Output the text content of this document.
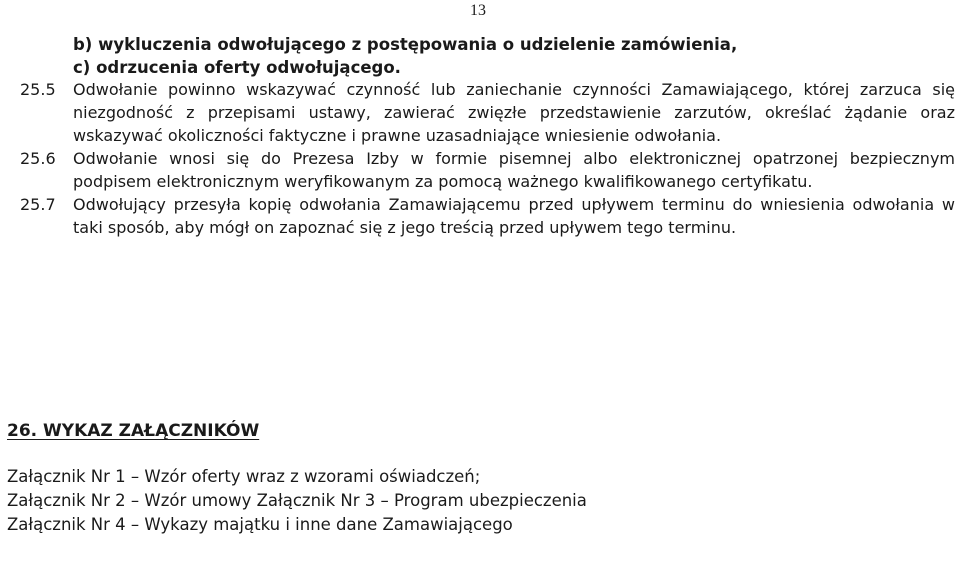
13
b) wykluczenia odwołującego z postępowania o udzielenie zamówienia,
c) odrzucenia oferty odwołującego.
25.5 Odwołanie powinno wskazywać czynność lub zaniechanie czynności Zamawiającego, której zarzuca się
niezgodność z przepisami ustawy, zawierać zwięzłe przedstawienie zarzutów, określać żądanie oraz
wskazywać okoliczności faktyczne i prawne uzasadniające wniesienie odwołania.
25.6 Odwołanie wnosi się do Prezesa Izby w formie pisemnej albo elektronicznej opatrzonej bezpiecznym
podpisem elektronicznym weryfikowanym za pomocą ważnego kwalifikowanego certyfikatu.
25.7 Odwołujący przesyła kopię odwołania Zamawiającemu przed upływem terminu do wniesienia odwołania w
taki sposób, aby mógł on zapoznać się z jego treścią przed upływem tego terminu.
26. WYKAZ ZAŁĄCZNIKÓW
Załącznik Nr 1 – Wzór oferty wraz z wzorami oświadczeń;
Załącznik Nr 2 – Wzór umowy Załącznik Nr 3 – Program ubezpieczenia
Załącznik Nr 4 – Wykazy majątku i inne dane Zamawiającego
